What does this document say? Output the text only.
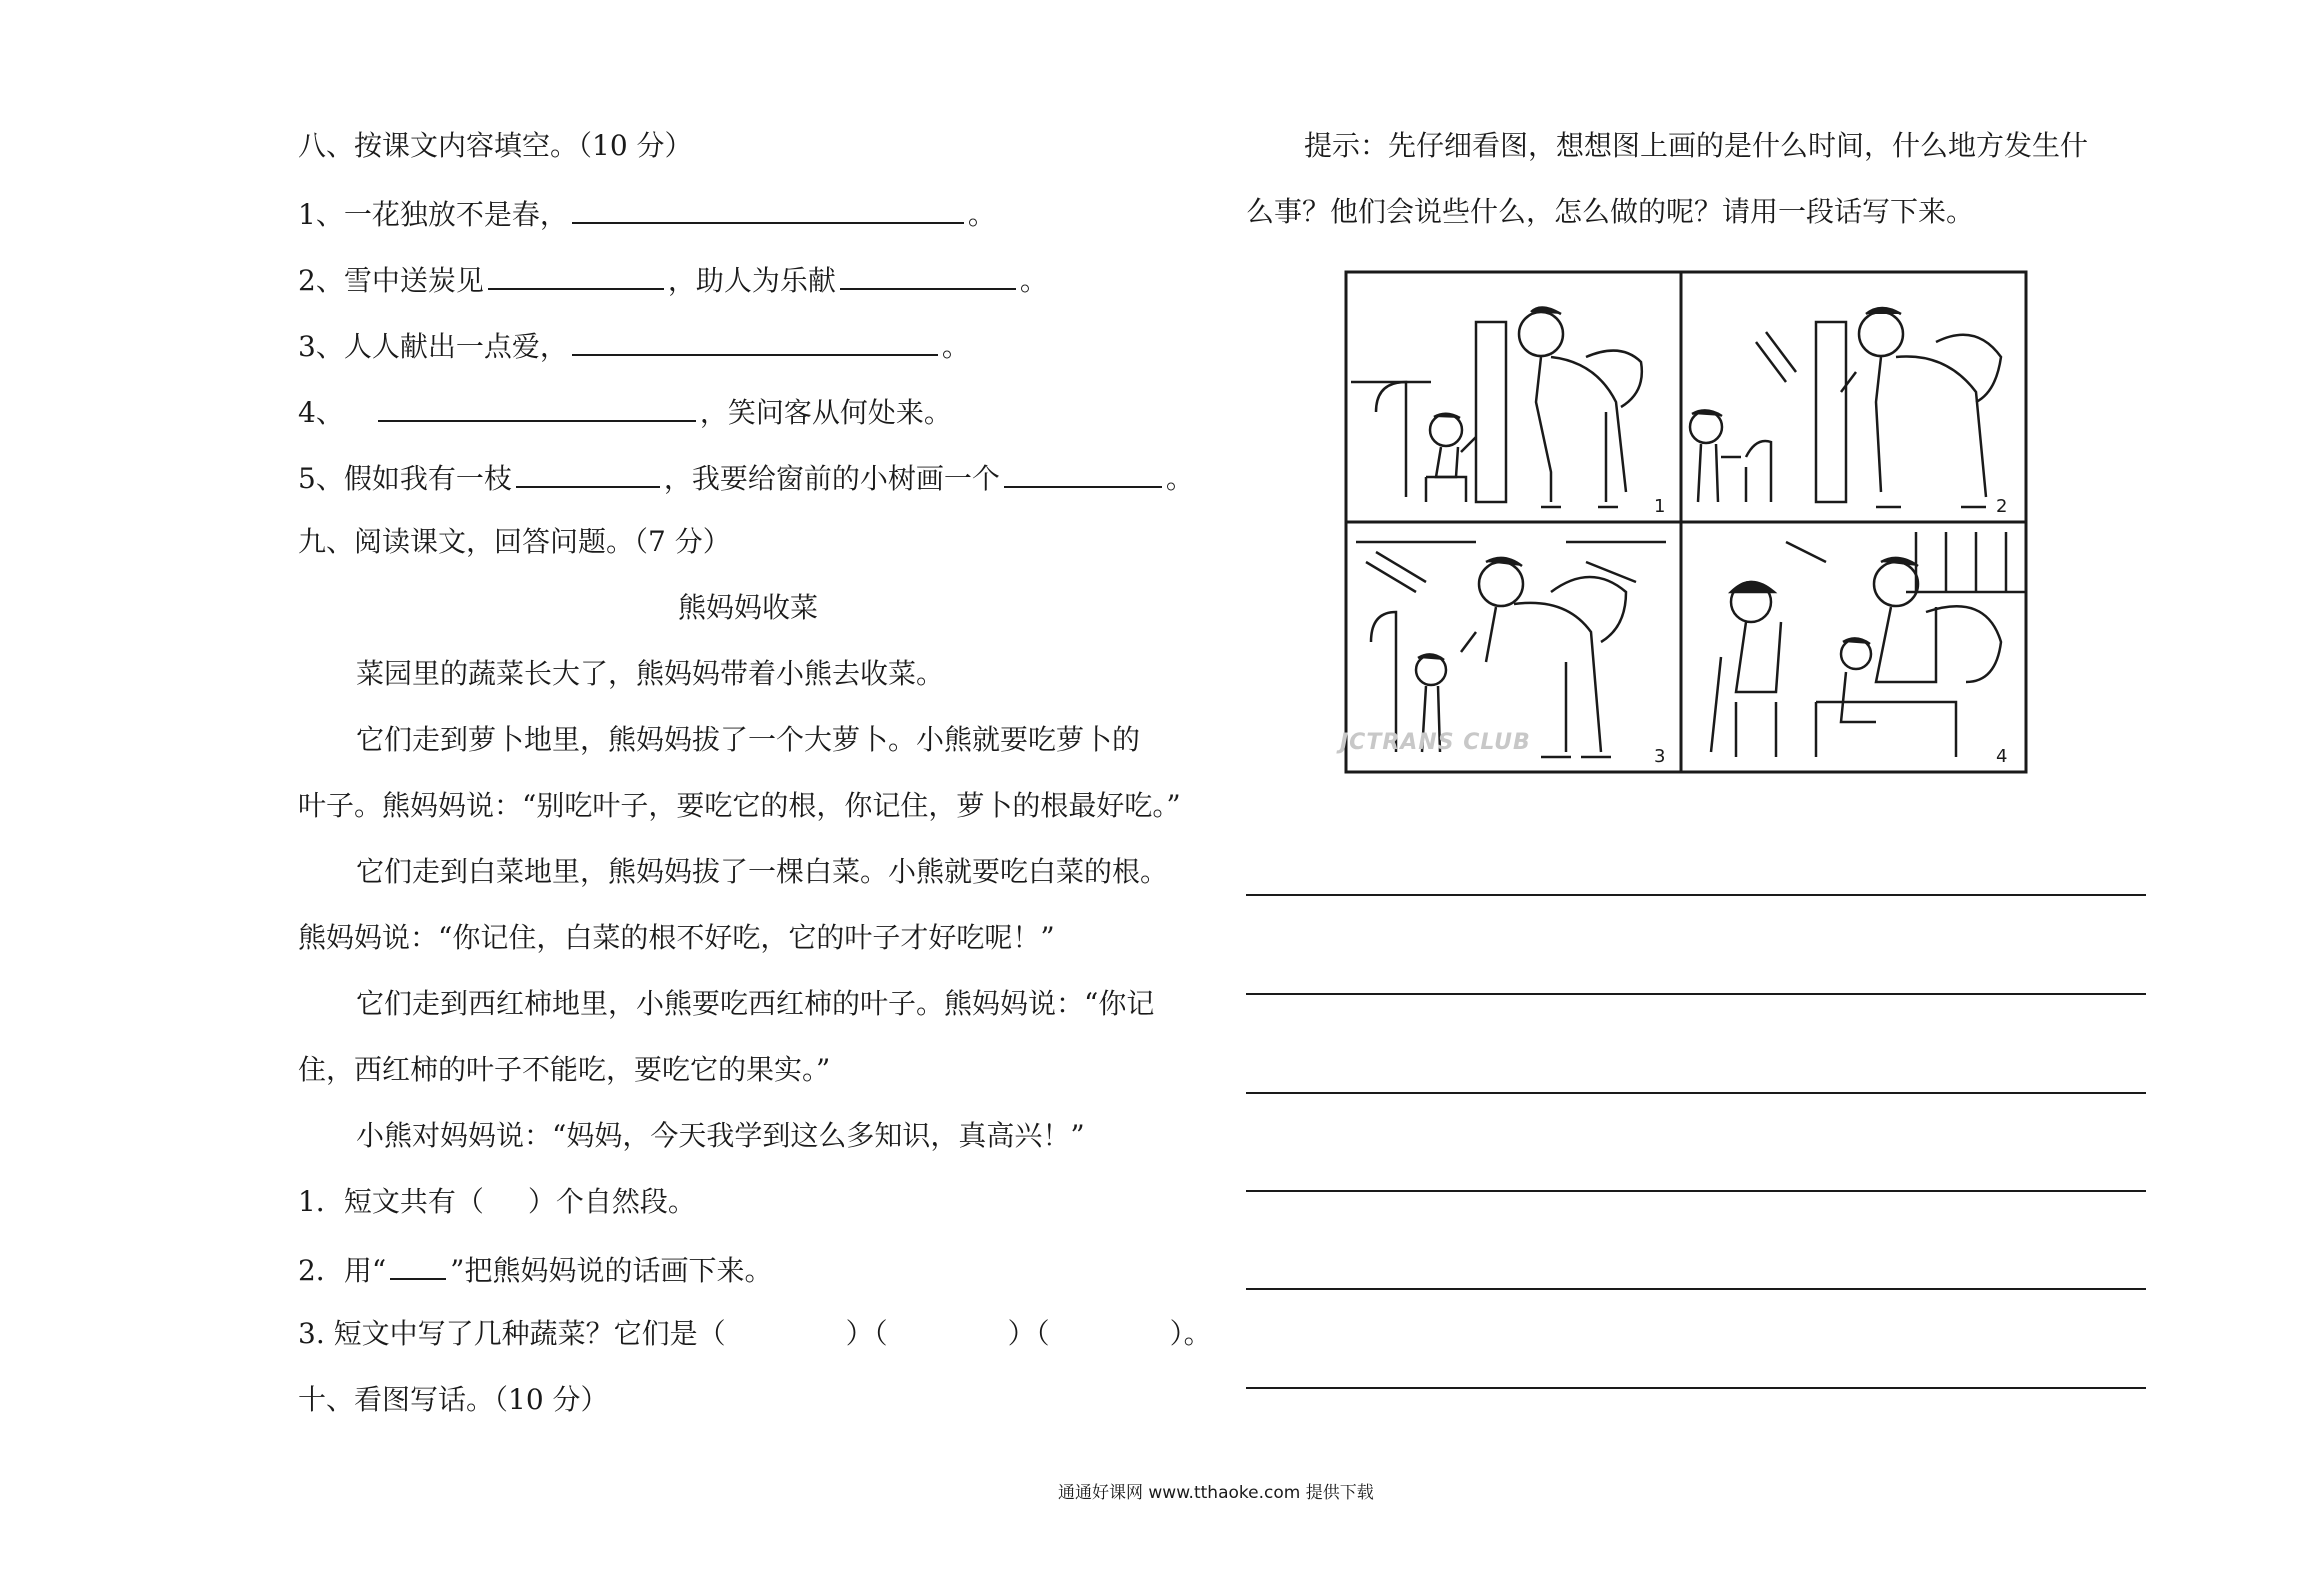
八、按课文内容填空。（10 分）
1、一花独放不是春，	。
2、雪中送炭见	，助人为乐献	。
3、人人献出一点爱，	。
4、	，笑问客从何处来。
5、假如我有一枝	，我要给窗前的小树画一个	。
九、阅读课文，回答问题。（7 分）
熊妈妈收菜
菜园里的蔬菜长大了，熊妈妈带着小熊去收菜。
它们走到萝卜地里，熊妈妈拔了一个大萝卜。小熊就要吃萝卜的
叶子。熊妈妈说：“别吃叶子，要吃它的根，你记住，萝卜的根最好吃。”
它们走到白菜地里，熊妈妈拔了一棵白菜。小熊就要吃白菜的根。
熊妈妈说：“你记住，白菜的根不好吃，它的叶子才好吃呢！”
它们走到西红柿地里，小熊要吃西红柿的叶子。熊妈妈说：“你记
住，西红柿的叶子不能吃，要吃它的果实。”
小熊对妈妈说：“妈妈，今天我学到这么多知识，真高兴！”
1．短文共有（ ）个自然段。
2．用“ ”把熊妈妈说的话画下来。
3. 短文中写了几种蔬菜？它们是（	）（	）（	）。
十、看图写话。（10 分）
提示：先仔细看图，想想图上画的是什么时间，什么地方发生什
么事？他们会说些什么，怎么做的呢？请用一段话写下来。
1	2
3	4
JCTRANS CLUB
通通好课网 www.tthaoke.com 提供下载
